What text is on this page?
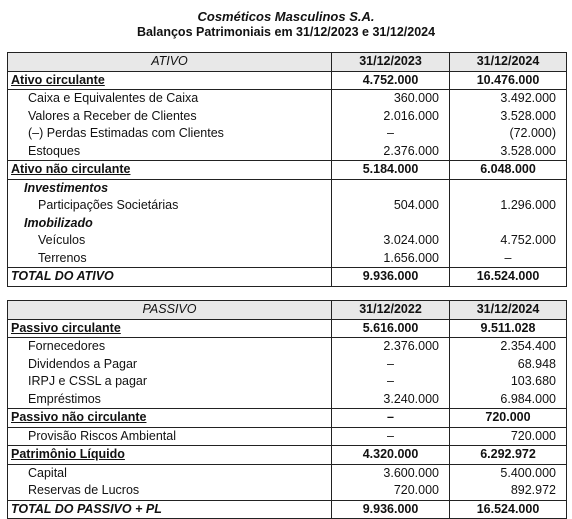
Cosméticos Masculinos S.A.
Balanços Patrimoniais em 31/12/2023 e 31/12/2024
ATIVO	31/12/2023	31/12/2024
Ativo circulante	4.752.000	10.476.000
Caixa e Equivalentes de Caixa	360.000	3.492.000
Valores a Receber de Clientes	2.016.000	3.528.000
(–) Perdas Estimadas com Clientes	–	(72.000)
Estoques	2.376.000	3.528.000
Ativo não circulante	5.184.000	6.048.000
Investimentos		
Participações Societárias	504.000	1.296.000
Imobilizado		
Veículos	3.024.000	4.752.000
Terrenos	1.656.000	–
TOTAL DO ATIVO	9.936.000	16.524.000
PASSIVO	31/12/2022	31/12/2024
Passivo circulante	5.616.000	9.511.028
Fornecedores	2.376.000	2.354.400
Dividendos a Pagar	–	68.948
IRPJ e CSSL a pagar	–	103.680
Empréstimos	3.240.000	6.984.000
Passivo não circulante	–	720.000
Provisão Riscos Ambiental	–	720.000
Patrimônio Líquido	4.320.000	6.292.972
Capital	3.600.000	5.400.000
Reservas de Lucros	720.000	892.972
TOTAL DO PASSIVO + PL	9.936.000	16.524.000
